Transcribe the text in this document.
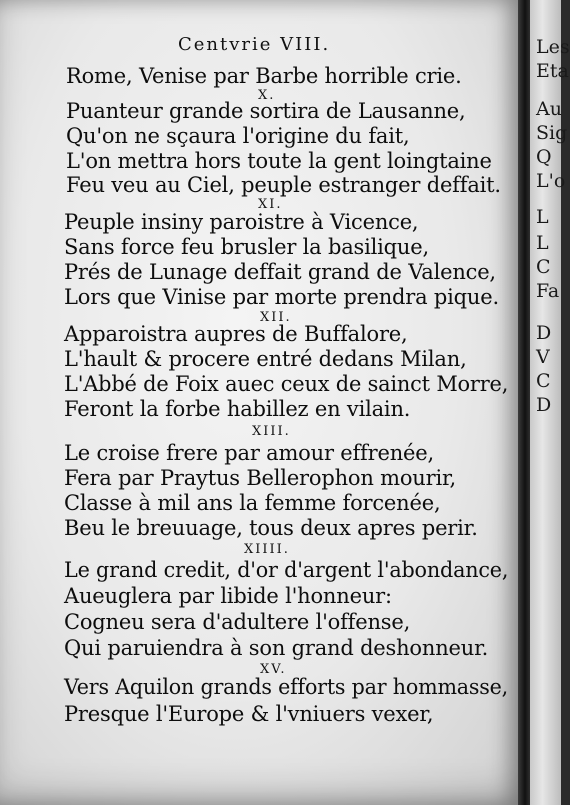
Centvrie VIII.
Rome, Venise par Barbe horrible crie.
X.
Puanteur grande sortira de Lausanne,
Qu'on ne sçaura l'origine du fait,
L'on mettra hors toute la gent loingtaine
Feu veu au Ciel, peuple estranger deffait.
XI.
Peuple insiny paroistre à Vicence,
Sans force feu brusler la basilique,
Prés de Lunage deffait grand de Valence,
Lors que Vinise par morte prendra pique.
XII.
Apparoistra aupres de Buffalore,
L'hault & procere entré dedans Milan,
L'Abbé de Foix auec ceux de sainct Morre,
Feront la forbe habillez en vilain.
XIII.
Le croise frere par amour effrenée,
Fera par Praytus Bellerophon mourir,
Classe à mil ans la femme forcenée,
Beu le breuuage, tous deux apres perir.
XIIII.
Le grand credit, d'or d'argent l'abondance,
Aueuglera par libide l'honneur:
Cogneu sera d'adultere l'offense,
Qui paruiendra à son grand deshonneur.
XV.
Vers Aquilon grands efforts par hommasse,
Presque l'Europe & l'vniuers vexer,
Les
Eta
Au
Sig
Q
L'o
L
L
C
Fa
D
V
C
D
